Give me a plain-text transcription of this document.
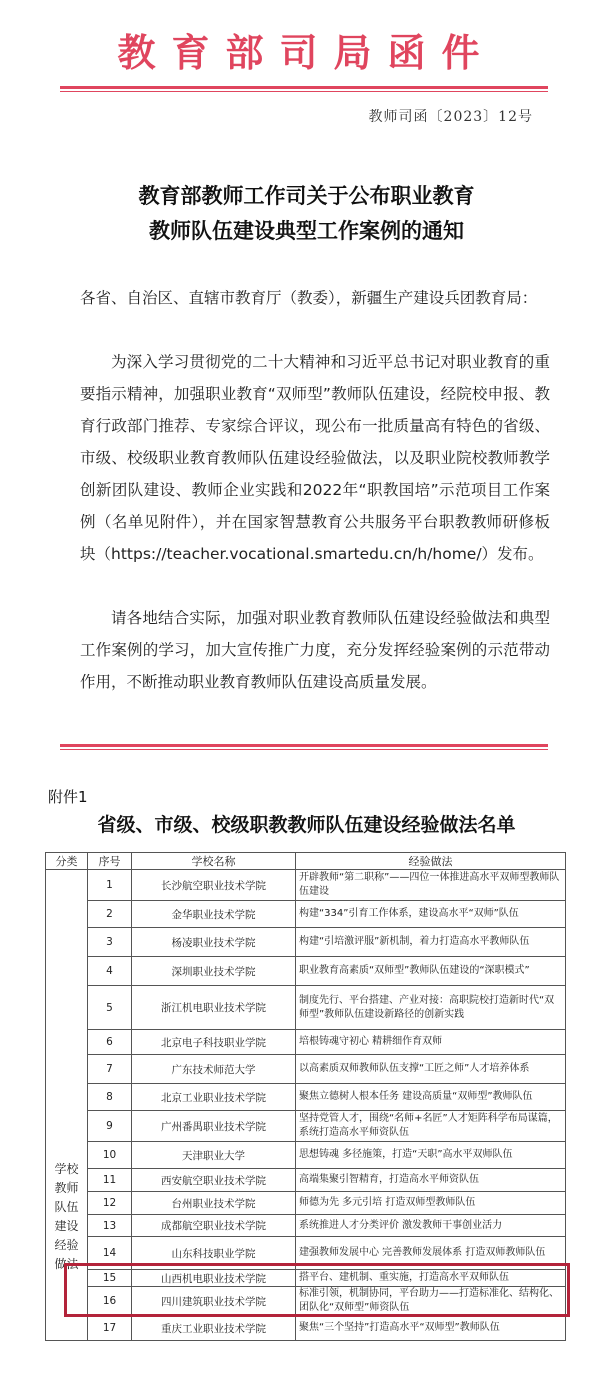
教育部司局函件
教师司函〔2023〕12号
教育部教师工作司关于公布职业教育
教师队伍建设典型工作案例的通知

各省、自治区、直辖市教育厅（教委），新疆生产建设兵团教育局：

为深入学习贯彻党的二十大精神和习近平总书记对职业教育的重要指示精神，加强职业教育“双师型”教师队伍建设，经院校申报、教育行政部门推荐、专家综合评议，现公布一批质量高有特色的省级、市级、校级职业教育教师队伍建设经验做法，以及职业院校教师教学创新团队建设、教师企业实践和2022年“职教国培”示范项目工作案例（名单见附件），并在国家智慧教育公共服务平台职教教师研修板块（https://teacher.vocational.smartedu.cn/h/home/）发布。

请各地结合实际，加强对职业教育教师队伍建设经验做法和典型工作案例的学习，加大宣传推广力度，充分发挥经验案例的示范带动作用，不断推动职业教育教师队伍建设高质量发展。

附件1
省级、市级、校级职教教师队伍建设经验做法名单
分类	序号	学校名称	经验做法
学校教师队伍建设经验做法	1	长沙航空职业技术学院	开辟教师“第二职称”——四位一体推进高水平双师型教师队伍建设
	2	金华职业技术学院	构建“334”引育工作体系，建设高水平“双师”队伍
	3	杨凌职业技术学院	构建“引培激评服”新机制，着力打造高水平教师队伍
	4	深圳职业技术学院	职业教育高素质“双师型”教师队伍建设的“深职模式”
	5	浙江机电职业技术学院	制度先行、平台搭建、产业对接：高职院校打造新时代“双师型”教师队伍建设新路径的创新实践
	6	北京电子科技职业学院	培根铸魂守初心 精耕细作育双师
	7	广东技术师范大学	以高素质双师教师队伍支撑“工匠之师”人才培养体系
	8	北京工业职业技术学院	聚焦立德树人根本任务 建设高质量“双师型”教师队伍
	9	广州番禺职业技术学院	坚持党管人才，围绕“名师+名匠”人才矩阵科学布局谋篇，系统打造高水平师资队伍
	10	天津职业大学	思想铸魂 多径施策，打造“天职”高水平双师队伍
	11	西安航空职业技术学院	高端集聚引智精育，打造高水平师资队伍
	12	台州职业技术学院	师德为先 多元引培 打造双师型教师队伍
	13	成都航空职业技术学院	系统推进人才分类评价 激发教师干事创业活力
	14	山东科技职业学院	建强教师发展中心 完善教师发展体系 打造双师教师队伍
	15	山西机电职业技术学院	搭平台、建机制、重实施，打造高水平双师队伍
	16	四川建筑职业技术学院	标准引领，机制协同，平台助力——打造标准化、结构化、团队化“双师型”师资队伍
	17	重庆工业职业技术学院	聚焦“三个坚持”打造高水平“双师型”教师队伍
